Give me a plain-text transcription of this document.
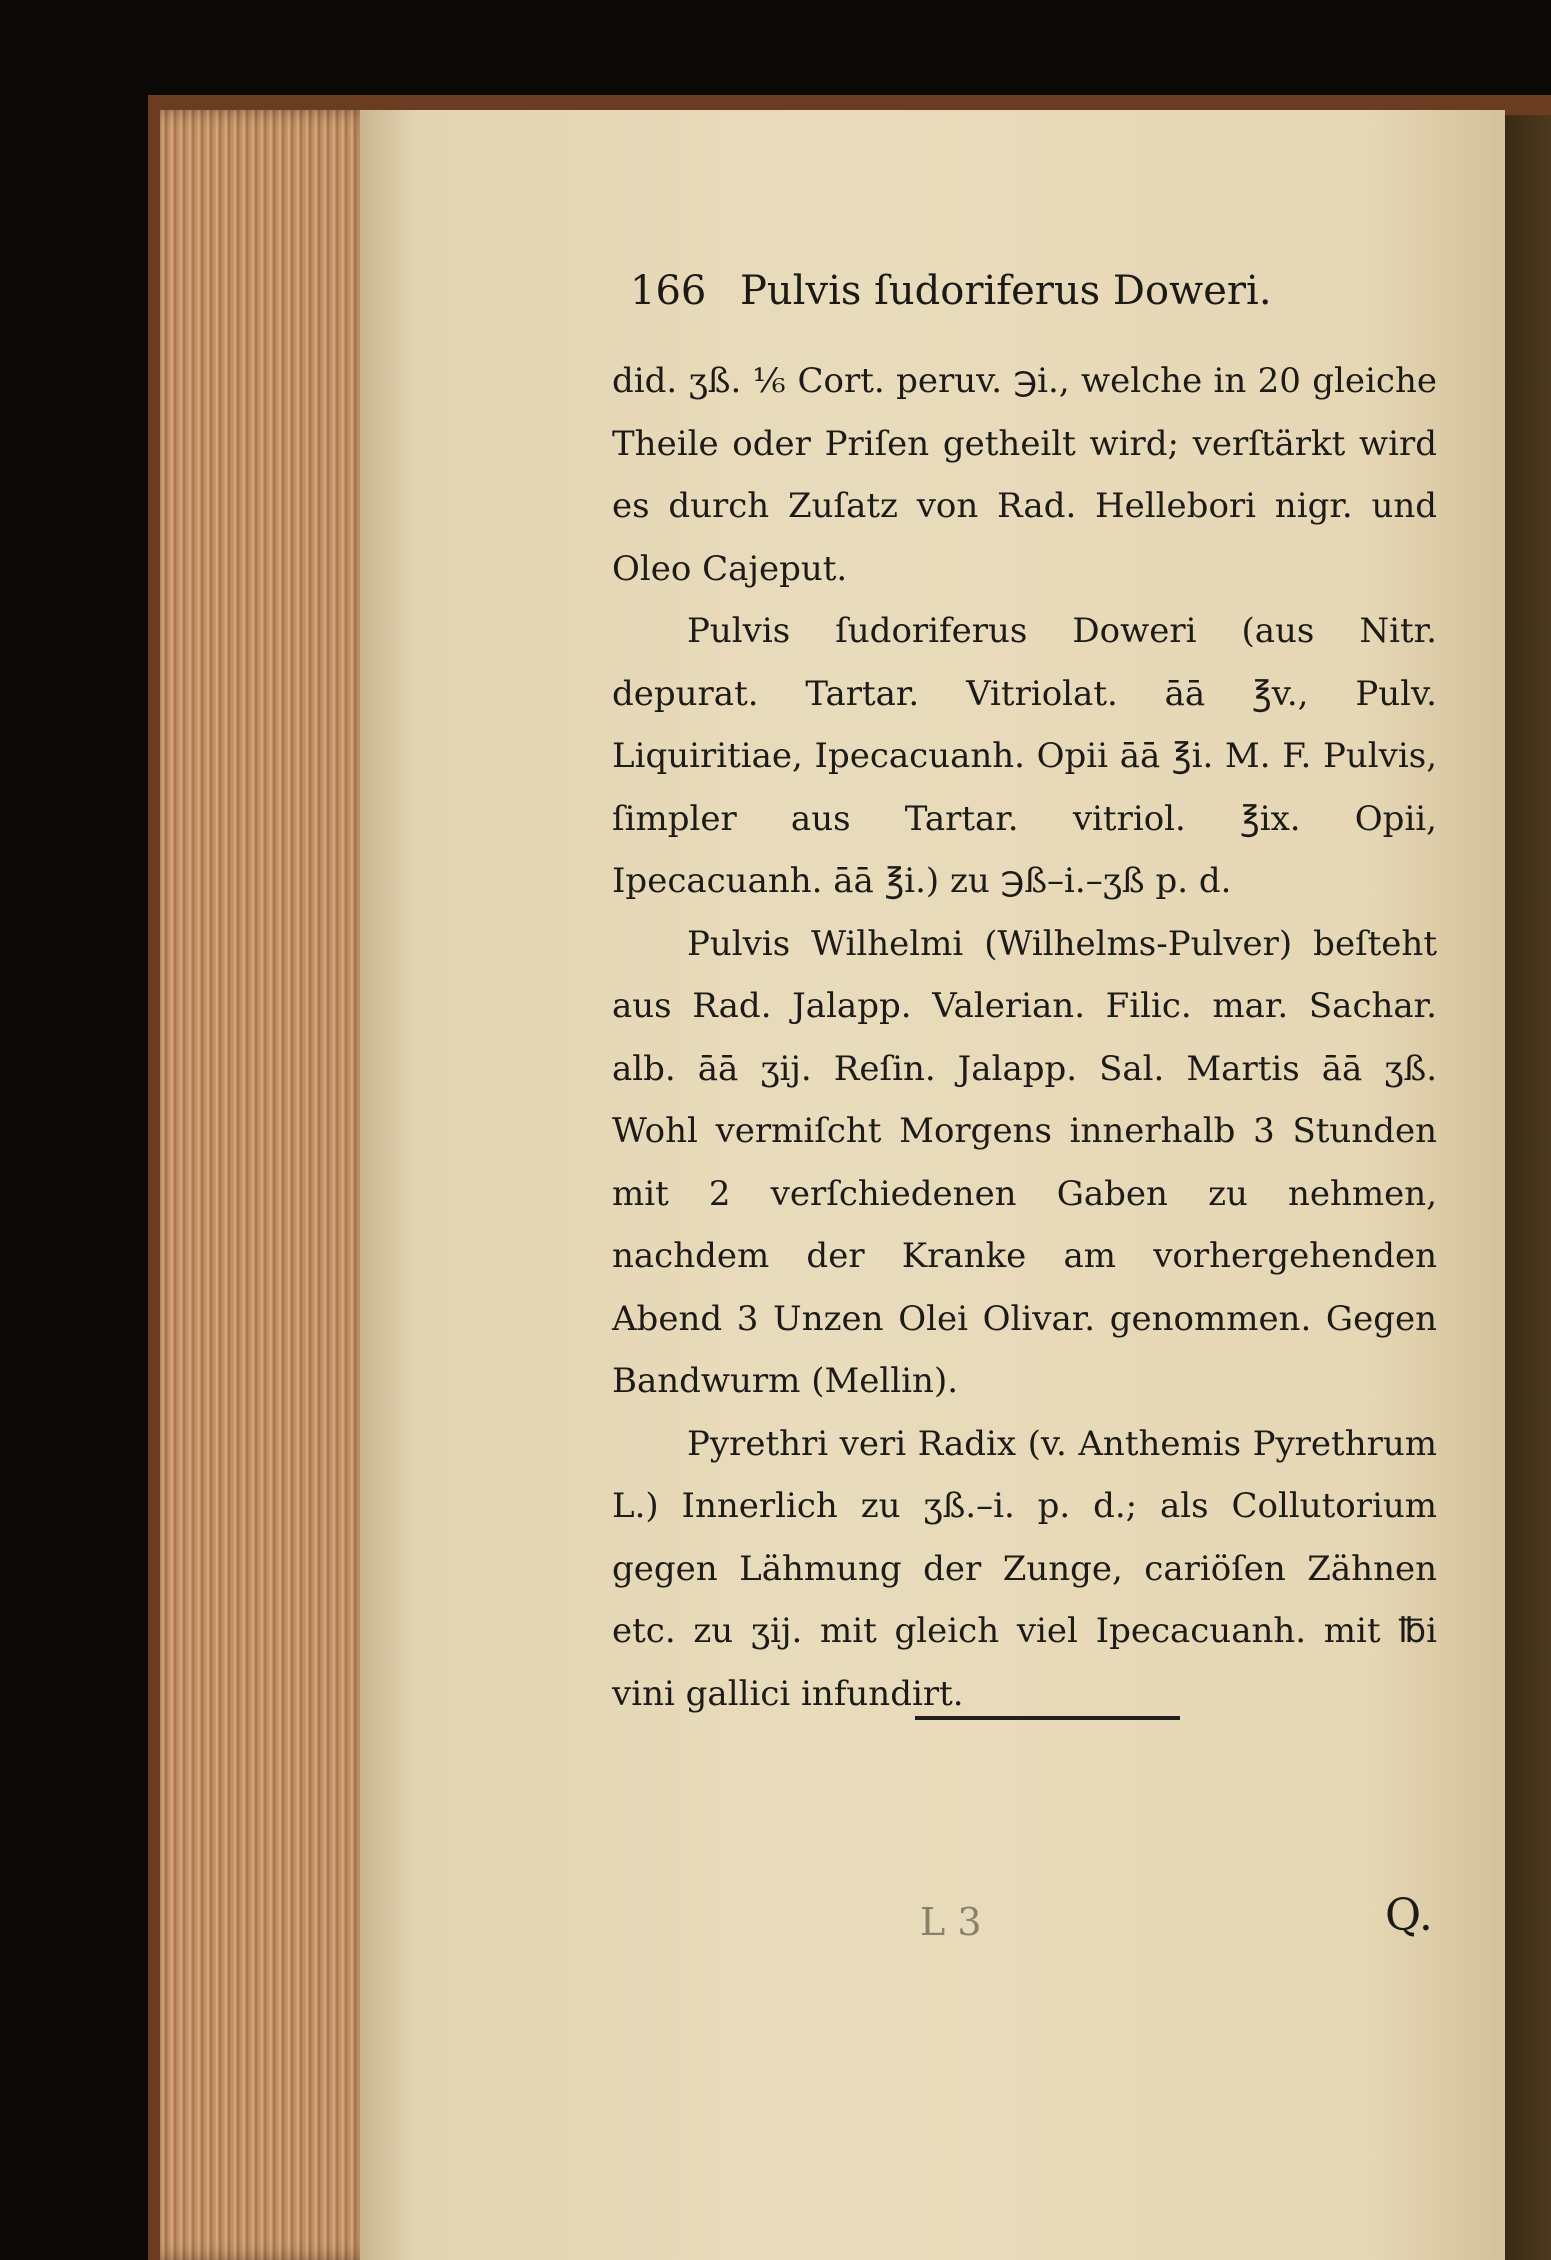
166 Pulvis ſudoriferus Doweri.

did. ʒß. ⅙ Cort. peruv. ℈i., welche in 20 gleiche Theile oder Priſen getheilt wird; verſtärkt wird es durch Zuſatz von Rad. Hellebori nigr. und Oleo Cajeput.

Pulvis ſudoriferus Doweri (aus Nitr. depurat. Tartar. Vitriolat. āā ℥v., Pulv. Liquiritiae, Ipecacuanh. Opii āā ℥i. M. F. Pulvis, ſimpler aus Tartar. vitriol. ℥ix. Opii, Ipecacuanh. āā ℥i.) zu ℈ß–i.–ʒß p. d.

Pulvis Wilhelmi (Wilhelms-Pulver) beſteht aus Rad. Jalapp. Valerian. Filic. mar. Sachar. alb. āā ʒij. Reſin. Jalapp. Sal. Martis āā ʒß. Wohl vermiſcht Morgens innerhalb 3 Stunden mit 2 verſchiedenen Gaben zu nehmen, nachdem der Kranke am vorhergehenden Abend 3 Unzen Olei Olivar. genommen. Gegen Bandwurm (Mellin).

Pyrethri veri Radix (v. Anthemis Pyrethrum L.) Innerlich zu ʒß.–i. p. d.; als Collutorium gegen Lähmung der Zunge, cariöſen Zähnen etc. zu ʒij. mit gleich viel Ipecacuanh. mit ℔i vini gallici infundirt.

L 3	Q.
